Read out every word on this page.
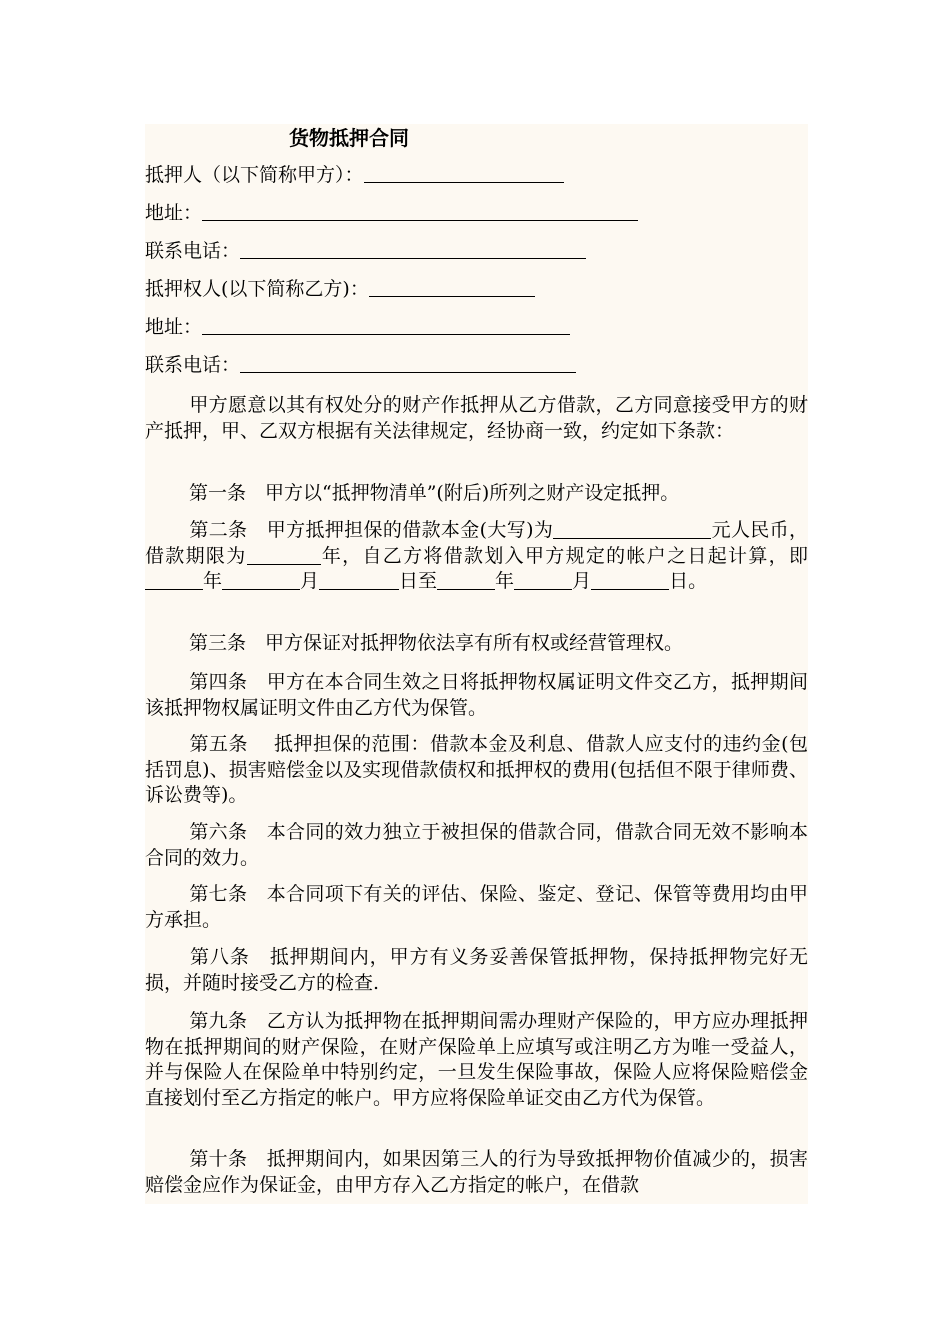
货物抵押合同
抵押人（以下简称甲方）：
地址：
联系电话：
抵押权人(以下简称乙方)：
地址：
联系电话：
甲方愿意以其有权处分的财产作抵押从乙方借款，乙方同意接受甲方的财产抵押，甲、乙双方根据有关法律规定，经协商一致，约定如下条款：
第一条　甲方以“抵押物清单”(附后)所列之财产设定抵押。
第二条　甲方抵押担保的借款本金(大写)为	元人民币，借款期限为	年，自乙方将借款划入甲方规定的帐户之日起计算，即年	月	日至	年	月	日。
第三条　甲方保证对抵押物依法享有所有权或经营管理权。
第四条　甲方在本合同生效之日将抵押物权属证明文件交乙方，抵押期间该抵押物权属证明文件由乙方代为保管。
第五条　 抵押担保的范围：借款本金及利息、借款人应支付的违约金(包括罚息)、损害赔偿金以及实现借款债权和抵押权的费用(包括但不限于律师费、诉讼费等)。
第六条　本合同的效力独立于被担保的借款合同，借款合同无效不影响本合同的效力。
第七条　本合同项下有关的评估、保险、鉴定、登记、保管等费用均由甲方承担。
第八条　抵押期间内，甲方有义务妥善保管抵押物，保持抵押物完好无损，并随时接受乙方的检查.
第九条　乙方认为抵押物在抵押期间需办理财产保险的，甲方应办理抵押物在抵押期间的财产保险，在财产保险单上应填写或注明乙方为唯一受益人，并与保险人在保险单中特别约定，一旦发生保险事故，保险人应将保险赔偿金直接划付至乙方指定的帐户。甲方应将保险单证交由乙方代为保管。
第十条　抵押期间内，如果因第三人的行为导致抵押物价值减少的，损害赔偿金应作为保证金，由甲方存入乙方指定的帐户，在借款
